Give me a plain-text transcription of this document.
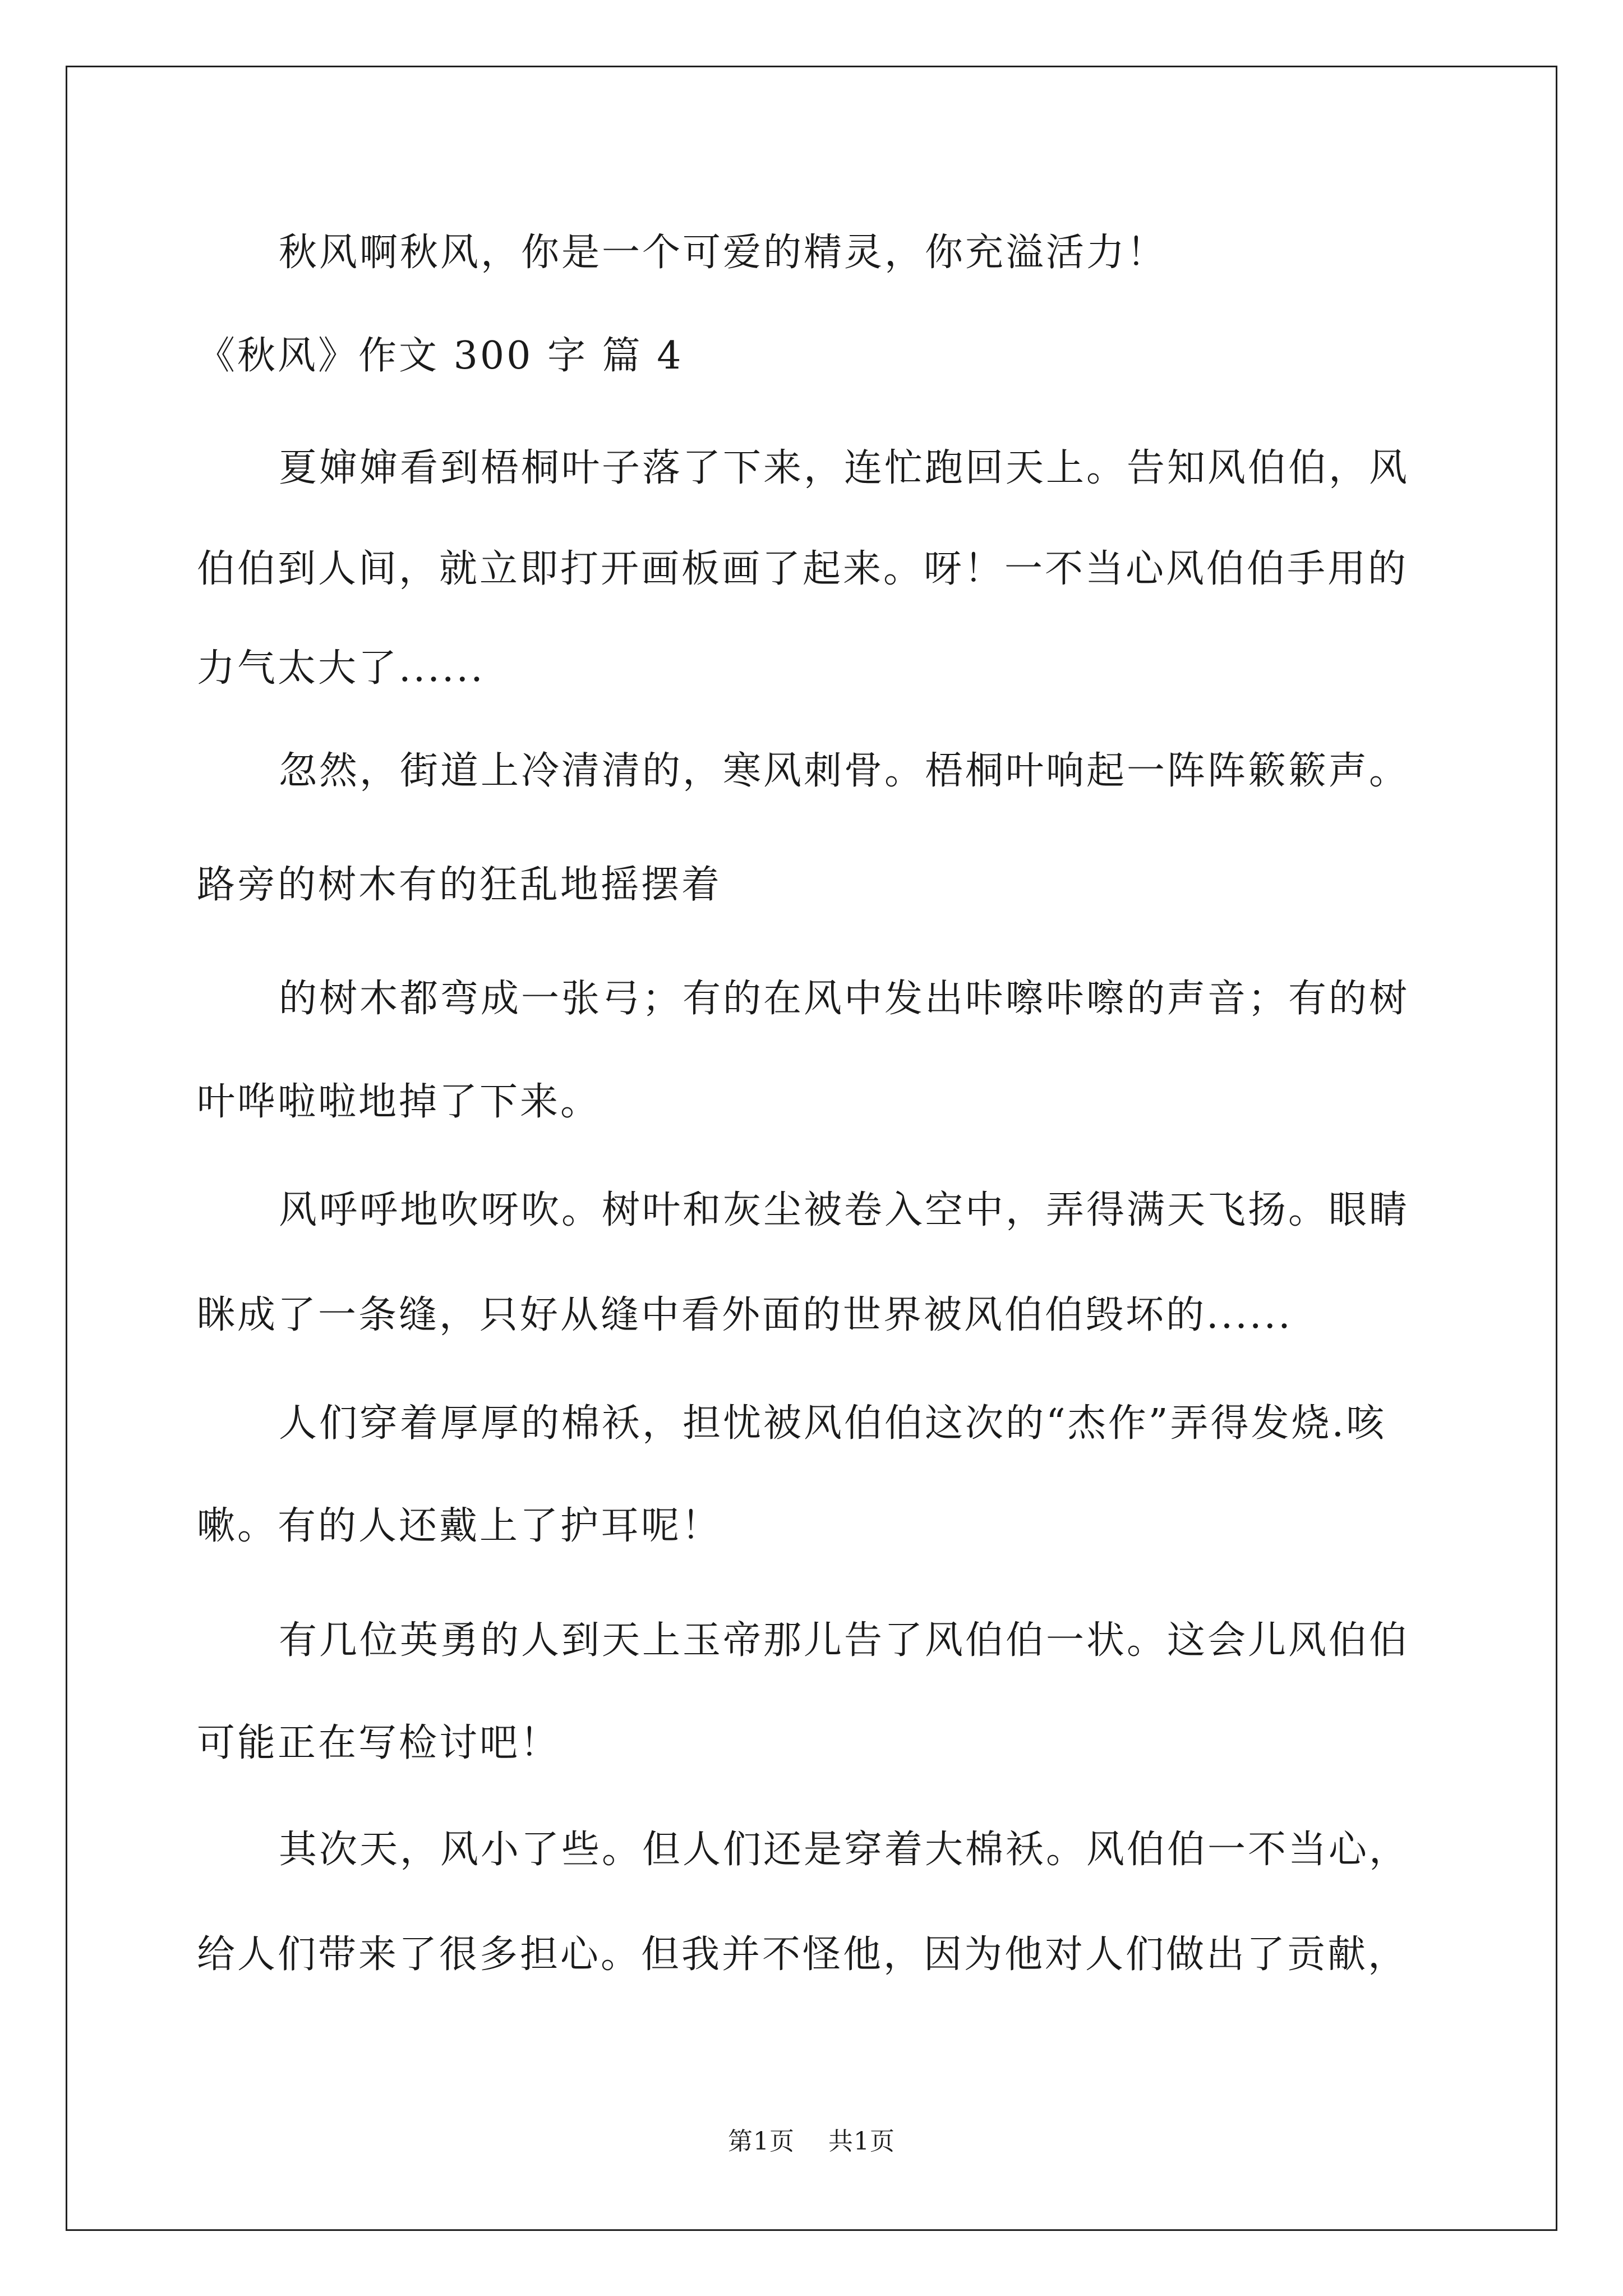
秋风啊秋风，你是一个可爱的精灵，你充溢活力！
《秋风》作文 300 字 篇 4
夏婶婶看到梧桐叶子落了下来，连忙跑回天上。告知风伯伯，风
伯伯到人间，就立即打开画板画了起来。呀！一不当心风伯伯手用的
力气太大了......
忽然，街道上冷清清的，寒风刺骨。梧桐叶响起一阵阵簌簌声。
路旁的树木有的狂乱地摇摆着
的树木都弯成一张弓；有的在风中发出咔嚓咔嚓的声音；有的树
叶哗啦啦地掉了下来。
风呼呼地吹呀吹。树叶和灰尘被卷入空中，弄得满天飞扬。眼睛
眯成了一条缝，只好从缝中看外面的世界被风伯伯毁坏的......
人们穿着厚厚的棉袄，担忧被风伯伯这次的“杰作”弄得发烧.咳
嗽。有的人还戴上了护耳呢！
有几位英勇的人到天上玉帝那儿告了风伯伯一状。这会儿风伯伯
可能正在写检讨吧！
其次天，风小了些。但人们还是穿着大棉袄。风伯伯一不当心，
给人们带来了很多担心。但我并不怪他，因为他对人们做出了贡献，
第1页    共1页
